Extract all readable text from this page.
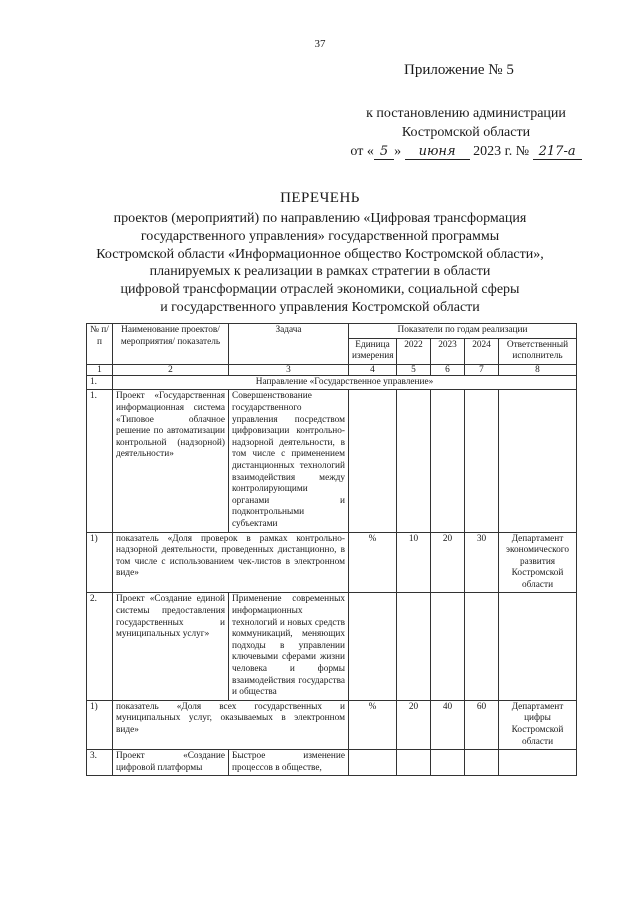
37
Приложение № 5
к постановлению администрации
Костромской области
от « 5 » июня 2023 г. № 217-а
ПЕРЕЧЕНЬ
проектов (мероприятий) по направлению «Цифровая трансформация
государственного управления» государственной программы
Костромской области «Информационное общество Костромской области»,
планируемых к реализации в рамках стратегии в области
цифровой трансформации отраслей экономики, социальной сферы
и государственного управления Костромской области
№ п/п	Наименование проектов/мероприятия/ показатель	Задача	Показатели по годам реализации				
			Единица измерения	2022	2023	2024	Ответственный исполнитель
1	2	3	4	5	6	7	8
1.	Направление «Государственное управление»						
1.	Проект «Государственная информационная система «Типовое облачное решение по автоматизации контрольной (надзорной) деятельности»	Совершенствование государственного управления посредством цифровизации контрольно-надзорной деятельности, в том числе с применением дистанционных технологий взаимодействия между контролирующими органами и подконтрольными субъектами					
1)	показатель «Доля проверок в рамках контрольно-надзорной деятельности, проведенных дистанционно, в том числе с использованием чек-листов в электронном виде»		%	10	20	30	Департамент экономического развития Костромской области
2.	Проект «Создание единой системы предоставления государственных и муниципальных услуг»	Применение современных информационных технологий и новых средств коммуникаций, меняющих подходы в управлении ключевыми сферами жизни человека и формы взаимодействия государства и общества					
1)	показатель «Доля всех государственных и муниципальных услуг, оказываемых в электронном виде»		%	20	40	60	Департамент цифры Костромской области
3.	Проект «Создание цифровой платформы	Быстрое изменение процессов в обществе,					
